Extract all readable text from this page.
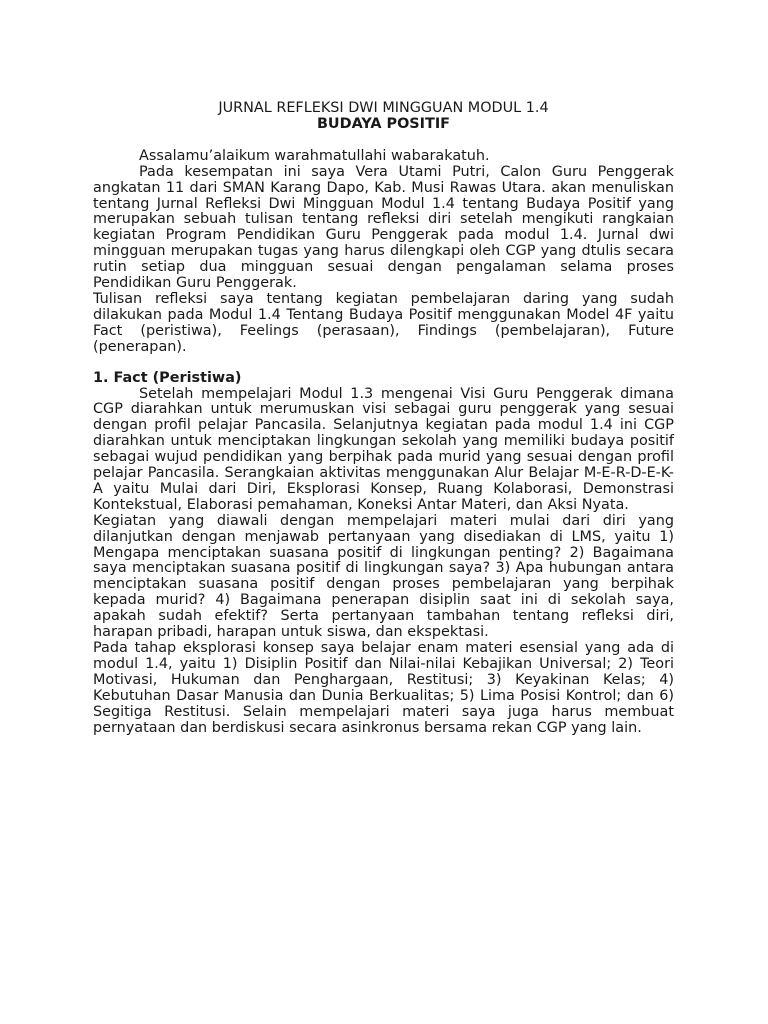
JURNAL REFLEKSI DWI MINGGUAN MODUL 1.4
BUDAYA POSITIF

Assalamu’alaikum warahmatullahi wabarakatuh.

Pada kesempatan ini saya Vera Utami Putri, Calon Guru Penggerak angkatan 11 dari SMAN Karang Dapo, Kab. Musi Rawas Utara. akan menuliskan tentang Jurnal Refleksi Dwi Mingguan Modul 1.4 tentang Budaya Positif yang merupakan sebuah tulisan tentang refleksi diri setelah mengikuti rangkaian kegiatan Program Pendidikan Guru Penggerak pada modul 1.4. Jurnal dwi mingguan merupakan tugas yang harus dilengkapi oleh CGP yang dtulis secara rutin setiap dua mingguan sesuai dengan pengalaman selama proses Pendidikan Guru Penggerak.

Tulisan refleksi saya tentang kegiatan pembelajaran daring yang sudah dilakukan pada Modul 1.4 Tentang Budaya Positif menggunakan Model 4F yaitu Fact (peristiwa), Feelings (perasaan), Findings (pembelajaran), Future (penerapan).

1. Fact (Peristiwa)

Setelah mempelajari Modul 1.3 mengenai Visi Guru Penggerak dimana CGP diarahkan untuk merumuskan visi sebagai guru penggerak yang sesuai dengan profil pelajar Pancasila. Selanjutnya kegiatan pada modul 1.4 ini CGP diarahkan untuk menciptakan lingkungan sekolah yang memiliki budaya positif sebagai wujud pendidikan yang berpihak pada murid yang sesuai dengan profil pelajar Pancasila. Serangkaian aktivitas menggunakan Alur Belajar M-E-R-D-E-K-A yaitu Mulai dari Diri, Eksplorasi Konsep, Ruang Kolaborasi, Demonstrasi Kontekstual, Elaborasi pemahaman, Koneksi Antar Materi, dan Aksi Nyata.

Kegiatan yang diawali dengan mempelajari materi mulai dari diri yang dilanjutkan dengan menjawab pertanyaan yang disediakan di LMS, yaitu 1) Mengapa menciptakan suasana positif di lingkungan penting? 2) Bagaimana saya menciptakan suasana positif di lingkungan saya? 3) Apa hubungan antara menciptakan suasana positif dengan proses pembelajaran yang berpihak kepada murid? 4) Bagaimana penerapan disiplin saat ini di sekolah saya, apakah sudah efektif? Serta pertanyaan tambahan tentang refleksi diri, harapan pribadi, harapan untuk siswa, dan ekspektasi.

Pada tahap eksplorasi konsep saya belajar enam materi esensial yang ada di modul 1.4, yaitu 1) Disiplin Positif dan Nilai-nilai Kebajikan Universal; 2) Teori Motivasi, Hukuman dan Penghargaan, Restitusi; 3) Keyakinan Kelas; 4) Kebutuhan Dasar Manusia dan Dunia Berkualitas; 5) Lima Posisi Kontrol; dan 6) Segitiga Restitusi. Selain mempelajari materi saya juga harus membuat pernyataan dan berdiskusi secara asinkronus bersama rekan CGP yang lain.
